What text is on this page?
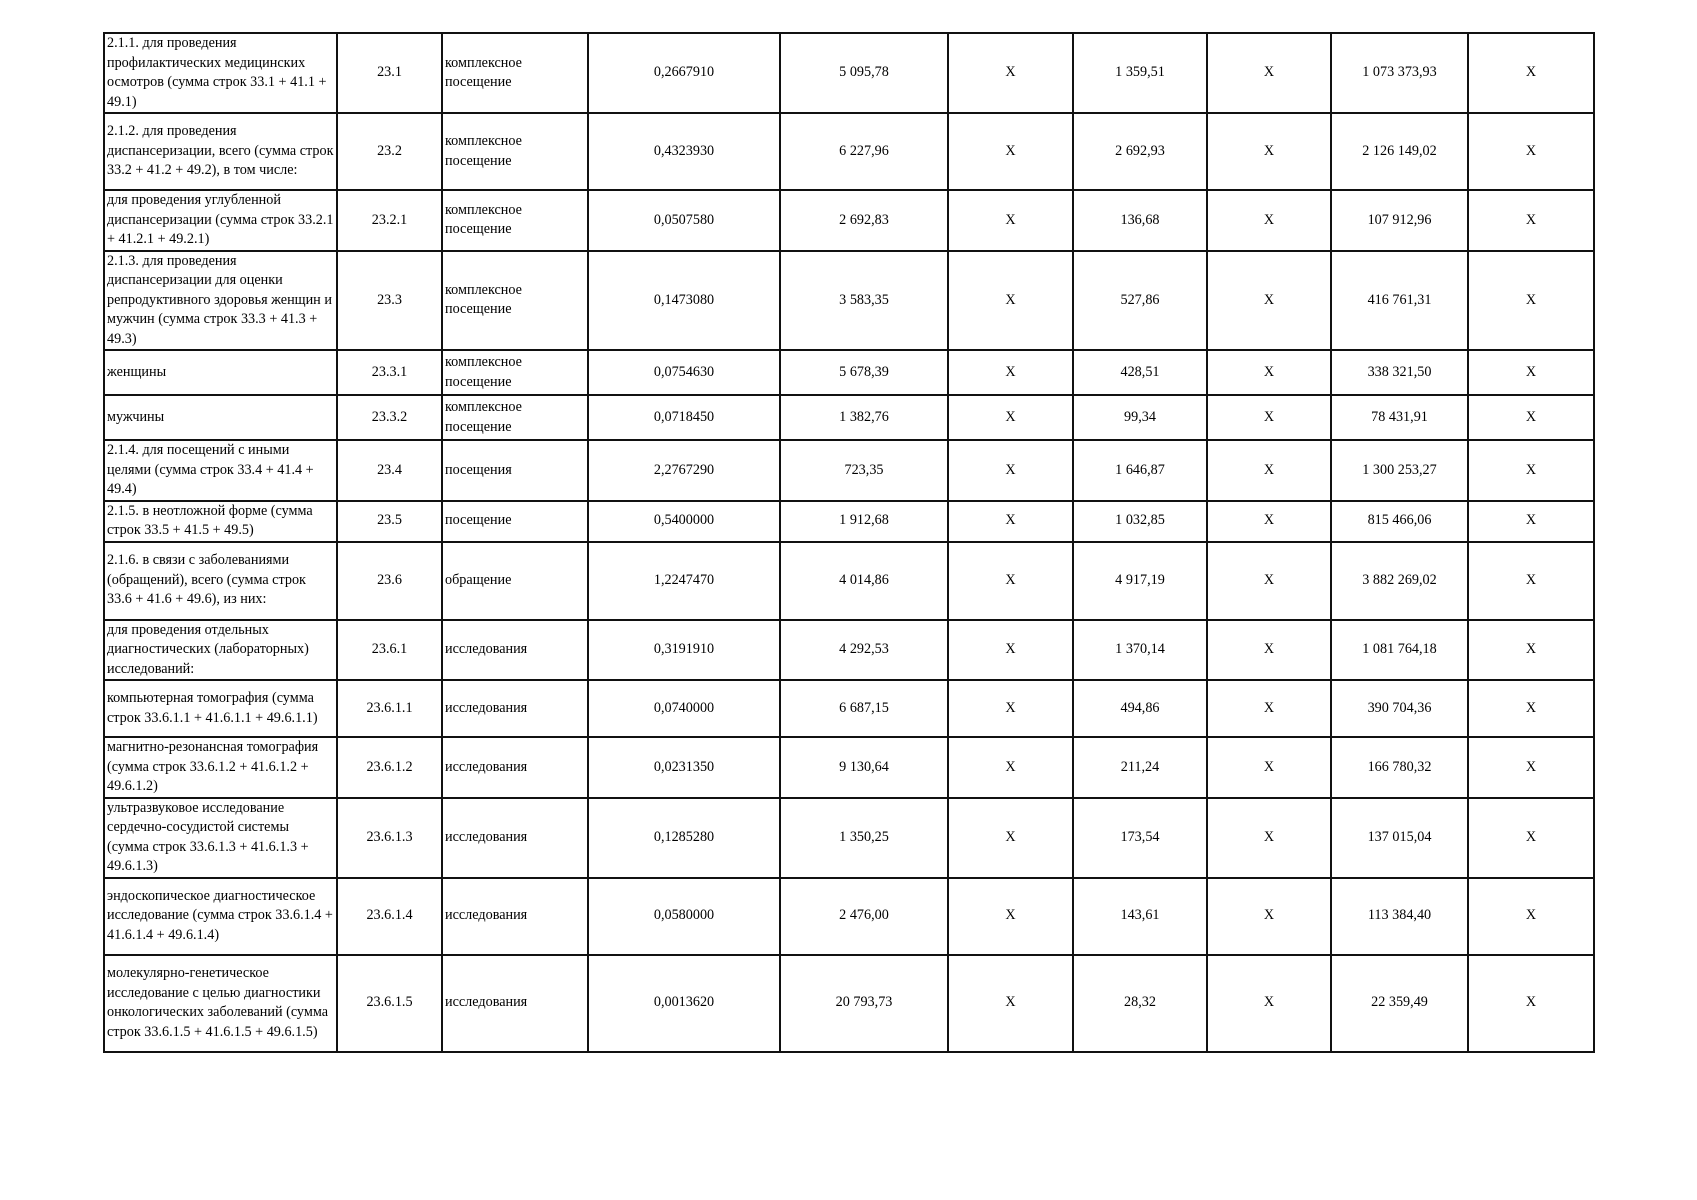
2.1.1. для проведения профилактических медицинских осмотров (сумма строк 33.1 + 41.1 + 49.1)	23.1	комплексное посещение	0,2667910	5 095,78	Х	1 359,51	Х	1 073 373,93	Х
2.1.2. для проведения диспансеризации, всего (сумма строк 33.2 + 41.2 + 49.2), в том числе:	23.2	комплексное посещение	0,4323930	6 227,96	Х	2 692,93	Х	2 126 149,02	Х
для проведения углубленной диспансеризации (сумма строк 33.2.1 + 41.2.1 + 49.2.1)	23.2.1	комплексное посещение	0,0507580	2 692,83	Х	136,68	Х	107 912,96	Х
2.1.3. для проведения диспансеризации для оценки репродуктивного здоровья женщин и мужчин (сумма строк 33.3 + 41.3 + 49.3)	23.3	комплексное посещение	0,1473080	3 583,35	Х	527,86	Х	416 761,31	Х
женщины	23.3.1	комплексное посещение	0,0754630	5 678,39	Х	428,51	Х	338 321,50	Х
мужчины	23.3.2	комплексное посещение	0,0718450	1 382,76	Х	99,34	Х	78 431,91	Х
2.1.4. для посещений с иными целями (сумма строк 33.4 + 41.4 + 49.4)	23.4	посещения	2,2767290	723,35	Х	1 646,87	Х	1 300 253,27	Х
2.1.5. в неотложной форме (сумма строк 33.5 + 41.5 + 49.5)	23.5	посещение	0,5400000	1 912,68	Х	1 032,85	Х	815 466,06	Х
2.1.6. в связи с заболеваниями (обращений), всего (сумма строк 33.6 + 41.6 + 49.6), из них:	23.6	обращение	1,2247470	4 014,86	Х	4 917,19	Х	3 882 269,02	Х
для проведения отдельных диагностических (лабораторных) исследований:	23.6.1	исследования	0,3191910	4 292,53	Х	1 370,14	Х	1 081 764,18	Х
компьютерная томография (сумма строк 33.6.1.1 + 41.6.1.1 + 49.6.1.1)	23.6.1.1	исследования	0,0740000	6 687,15	Х	494,86	Х	390 704,36	Х
магнитно-резонансная томография (сумма строк 33.6.1.2 + 41.6.1.2 + 49.6.1.2)	23.6.1.2	исследования	0,0231350	9 130,64	Х	211,24	Х	166 780,32	Х
ультразвуковое исследование сердечно-сосудистой системы (сумма строк 33.6.1.3 + 41.6.1.3 + 49.6.1.3)	23.6.1.3	исследования	0,1285280	1 350,25	Х	173,54	Х	137 015,04	Х
эндоскопическое диагностическое исследование (сумма строк 33.6.1.4 + 41.6.1.4 + 49.6.1.4)	23.6.1.4	исследования	0,0580000	2 476,00	Х	143,61	Х	113 384,40	Х
молекулярно-генетическое исследование с целью диагностики онкологических заболеваний (сумма строк 33.6.1.5 + 41.6.1.5 + 49.6.1.5)	23.6.1.5	исследования	0,0013620	20 793,73	Х	28,32	Х	22 359,49	Х
